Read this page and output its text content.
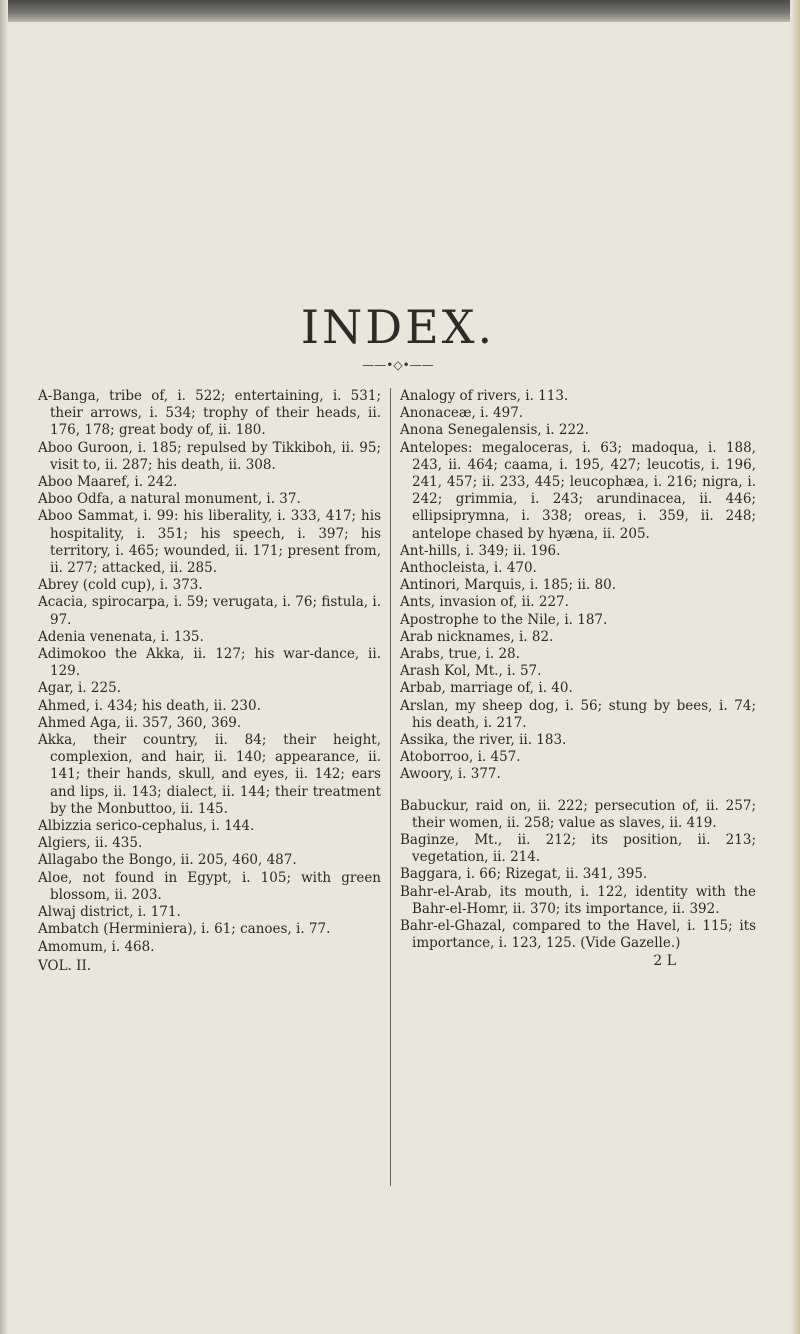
INDEX.
——•◇•——

A-Banga, tribe of, i. 522; entertaining, i. 531; their arrows, i. 534; trophy of their heads, ii. 176, 178; great body of, ii. 180.

Aboo Guroon, i. 185; repulsed by Tikkiboh, ii. 95; visit to, ii. 287; his death, ii. 308.

Aboo Maaref, i. 242.

Aboo Odfa, a natural monument, i. 37.

Aboo Sammat, i. 99: his liberality, i. 333, 417; his hospitality, i. 351; his speech, i. 397; his territory, i. 465; wounded, ii. 171; present from, ii. 277; attacked, ii. 285.

Abrey (cold cup), i. 373.

Acacia, spirocarpa, i. 59; verugata, i. 76; fistula, i. 97.

Adenia venenata, i. 135.

Adimokoo the Akka, ii. 127; his war-dance, ii. 129.

Agar, i. 225.

Ahmed, i. 434; his death, ii. 230.

Ahmed Aga, ii. 357, 360, 369.

Akka, their country, ii. 84; their height, complexion, and hair, ii. 140; appearance, ii. 141; their hands, skull, and eyes, ii. 142; ears and lips, ii. 143; dialect, ii. 144; their treatment by the Monbuttoo, ii. 145.

Albizzia serico-cephalus, i. 144.

Algiers, ii. 435.

Allagabo the Bongo, ii. 205, 460, 487.

Aloe, not found in Egypt, i. 105; with green blossom, ii. 203.

Alwaj district, i. 171.

Ambatch (Herminiera), i. 61; canoes, i. 77.

Amomum, i. 468.

VOL. II.

Analogy of rivers, i. 113.

Anonaceæ, i. 497.

Anona Senegalensis, i. 222.

Antelopes: megaloceras, i. 63; madoqua, i. 188, 243, ii. 464; caama, i. 195, 427; leucotis, i. 196, 241, 457; ii. 233, 445; leucophæa, i. 216; nigra, i. 242; grimmia, i. 243; arundinacea, ii. 446; ellipsiprymna, i. 338; oreas, i. 359, ii. 248; antelope chased by hyæna, ii. 205.

Ant-hills, i. 349; ii. 196.

Anthocleista, i. 470.

Antinori, Marquis, i. 185; ii. 80.

Ants, invasion of, ii. 227.

Apostrophe to the Nile, i. 187.

Arab nicknames, i. 82.

Arabs, true, i. 28.

Arash Kol, Mt., i. 57.

Arbab, marriage of, i. 40.

Arslan, my sheep dog, i. 56; stung by bees, i. 74; his death, i. 217.

Assika, the river, ii. 183.

Atoborroo, i. 457.

Awoory, i. 377.

Babuckur, raid on, ii. 222; persecution of, ii. 257; their women, ii. 258; value as slaves, ii. 419.

Baginze, Mt., ii. 212; its position, ii. 213; vegetation, ii. 214.

Baggara, i. 66; Rizegat, ii. 341, 395.

Bahr-el-Arab, its mouth, i. 122, identity with the Bahr-el-Homr, ii. 370; its importance, ii. 392.

Bahr-el-Ghazal, compared to the Havel, i. 115; its importance, i. 123, 125. (Vide Gazelle.)

2 L
